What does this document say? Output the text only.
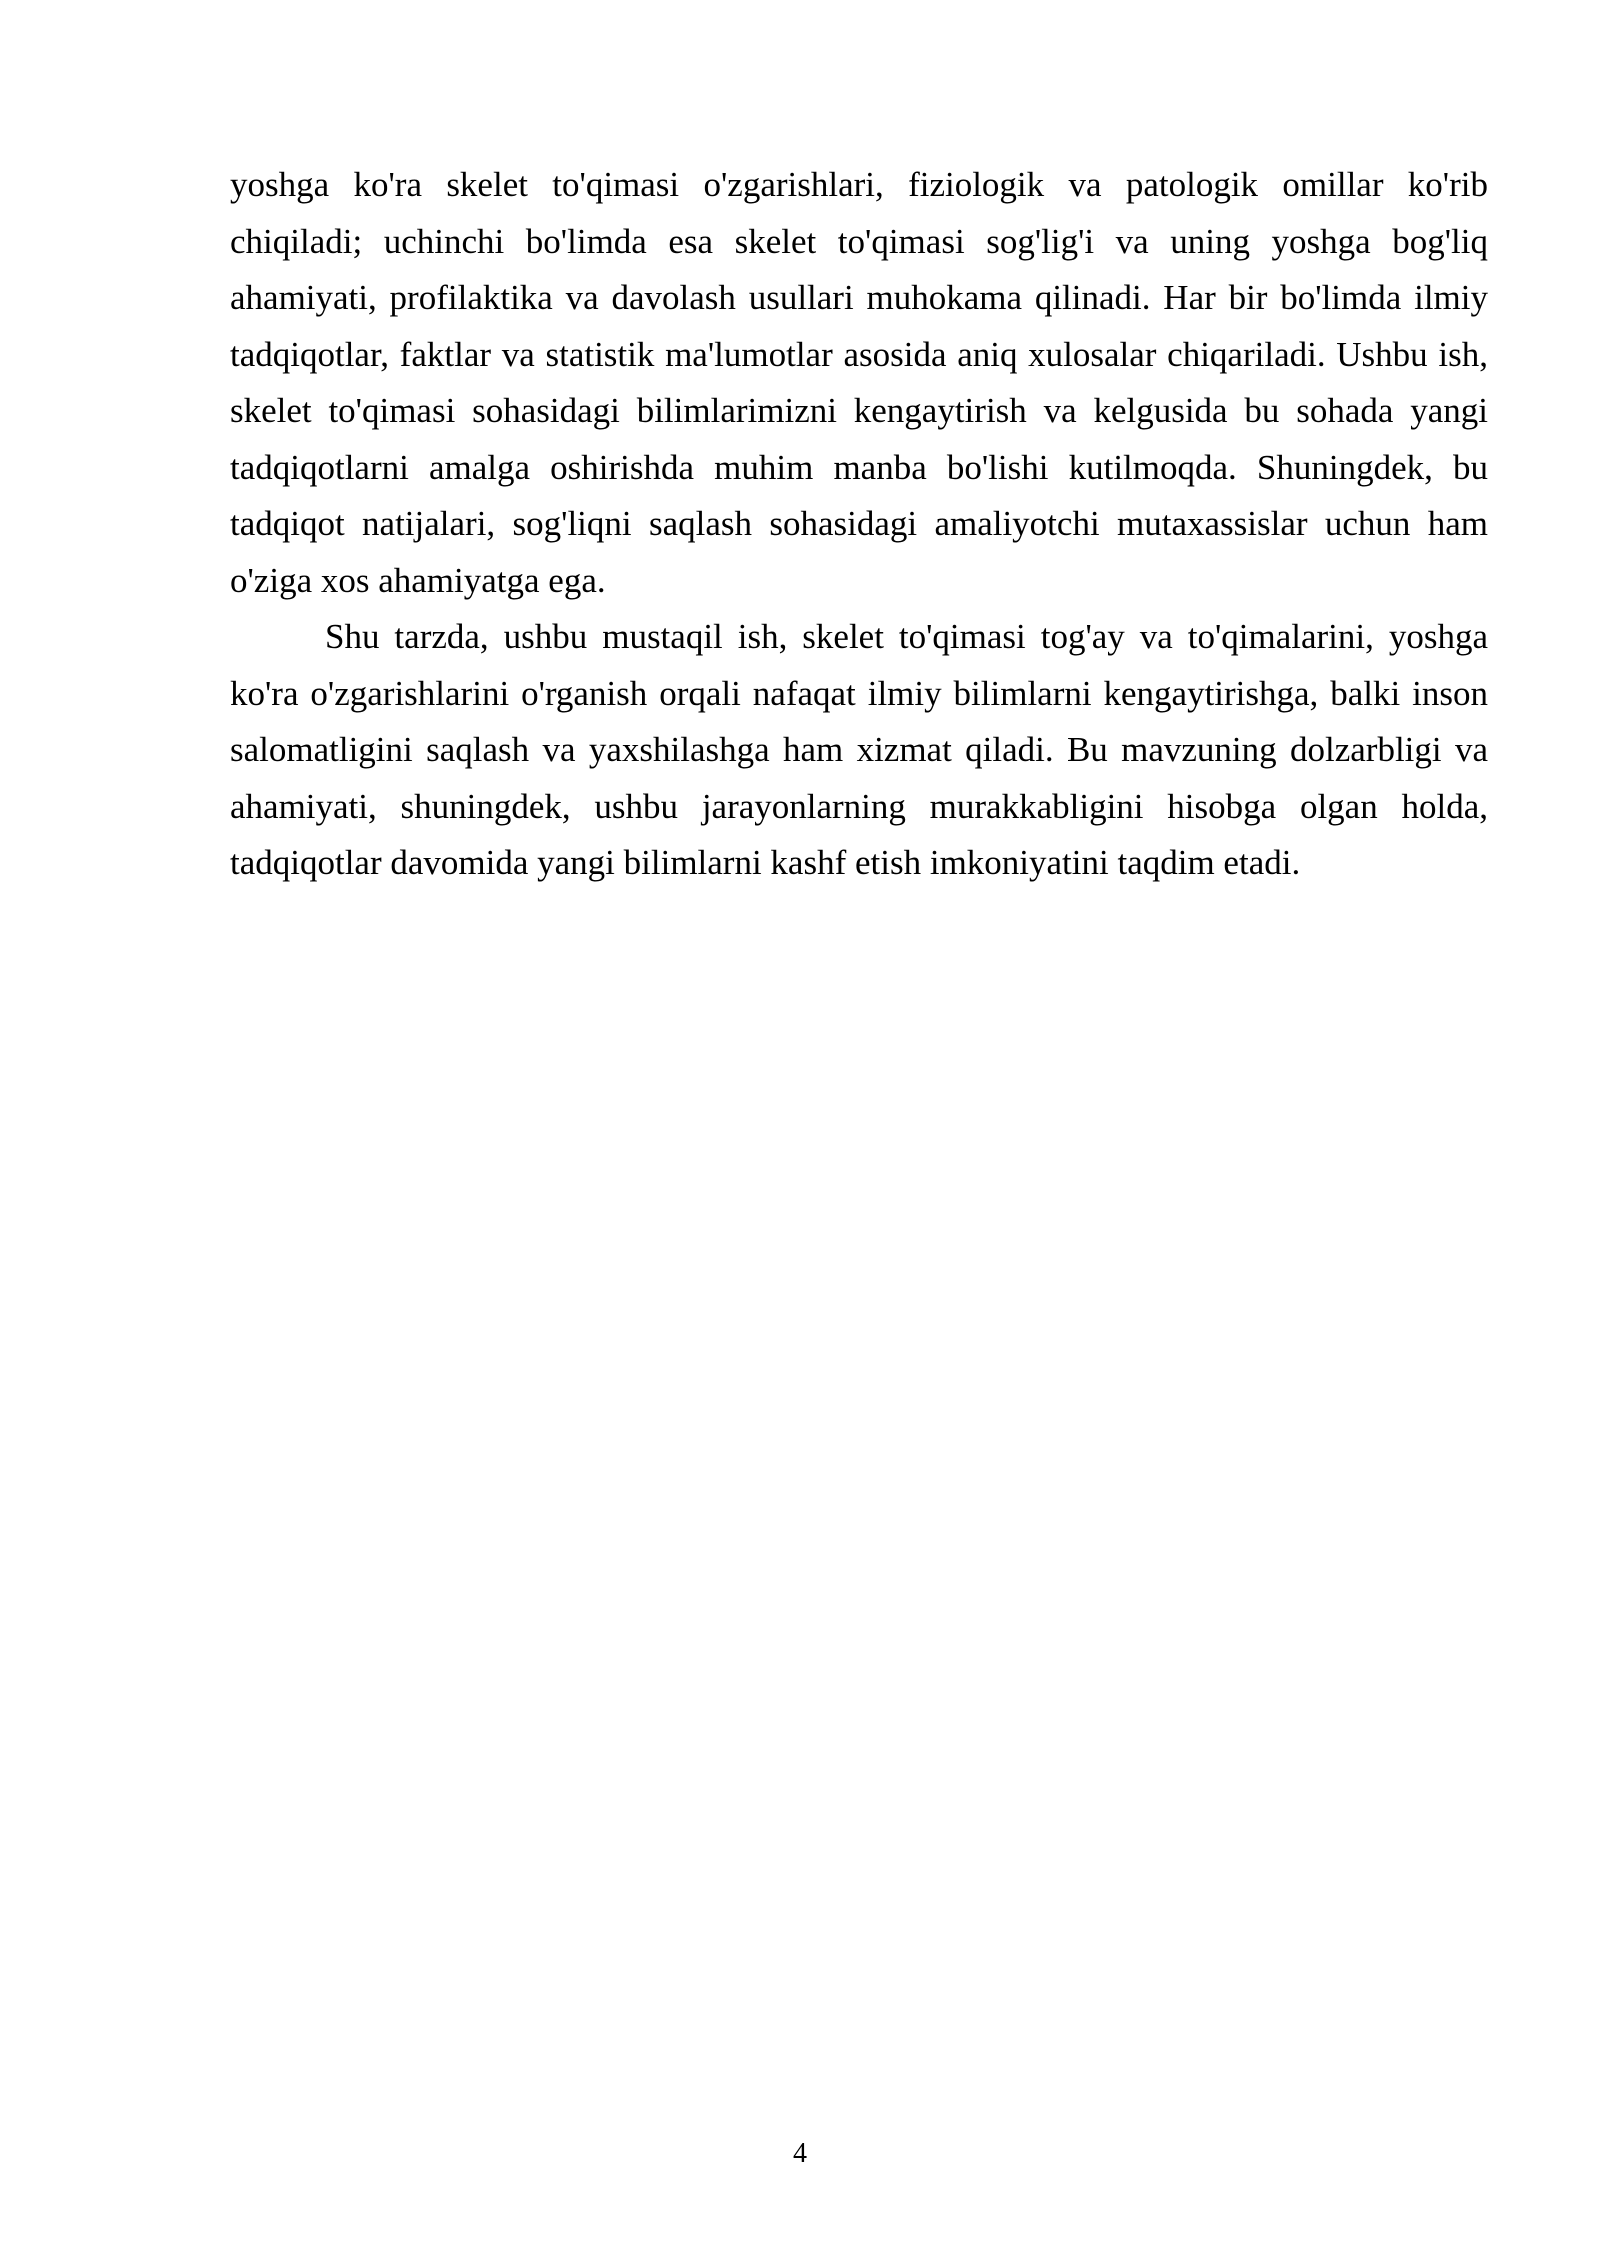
yoshga ko'ra skelet to'qimasi o'zgarishlari, fiziologik va patologik omillar ko'rib chiqiladi; uchinchi bo'limda esa skelet to'qimasi sog'lig'i va uning yoshga bog'liq ahamiyati, profilaktika va davolash usullari muhokama qilinadi. Har bir bo'limda ilmiy tadqiqotlar, faktlar va statistik ma'lumotlar asosida aniq xulosalar chiqariladi. Ushbu ish, skelet to'qimasi sohasidagi bilimlarimizni kengaytirish va kelgusida bu sohada yangi tadqiqotlarni amalga oshirishda muhim manba bo'lishi kutilmoqda. Shuningdek, bu tadqiqot natijalari, sog'liqni saqlash sohasidagi amaliyotchi mutaxassislar uchun ham o'ziga xos ahamiyatga ega.

Shu tarzda, ushbu mustaqil ish, skelet to'qimasi tog'ay va to'qimalarini, yoshga ko'ra o'zgarishlarini o'rganish orqali nafaqat ilmiy bilimlarni kengaytirishga, balki inson salomatligini saqlash va yaxshilashga ham xizmat qiladi. Bu mavzuning dolzarbligi va ahamiyati, shuningdek, ushbu jarayonlarning murakkabligini hisobga olgan holda, tadqiqotlar davomida yangi bilimlarni kashf etish imkoniyatini taqdim etadi.

4
